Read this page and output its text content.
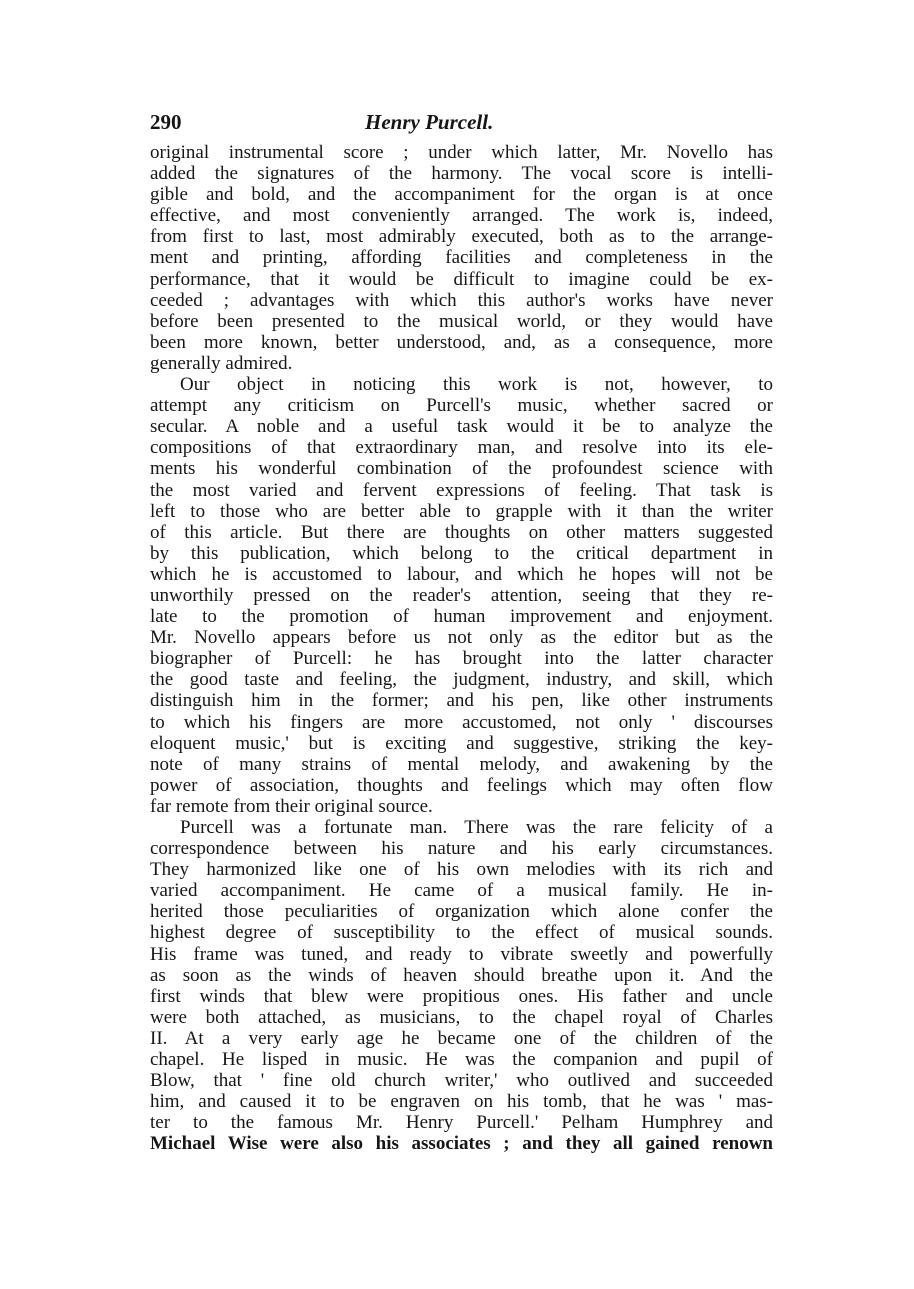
290	Henry Purcell.
original instrumental score ; under which latter, Mr. Novello has
added the signatures of the harmony. The vocal score is intelli-
gible and bold, and the accompaniment for the organ is at once
effective, and most conveniently arranged. The work is, indeed,
from first to last, most admirably executed, both as to the arrange-
ment and printing, affording facilities and completeness in the
performance, that it would be difficult to imagine could be ex-
ceeded ; advantages with which this author's works have never
before been presented to the musical world, or they would have
been more known, better understood, and, as a consequence, more
generally admired.
Our object in noticing this work is not, however, to
attempt any criticism on Purcell's music, whether sacred or
secular. A noble and a useful task would it be to analyze the
compositions of that extraordinary man, and resolve into its ele-
ments his wonderful combination of the profoundest science with
the most varied and fervent expressions of feeling. That task is
left to those who are better able to grapple with it than the writer
of this article. But there are thoughts on other matters suggested
by this publication, which belong to the critical department in
which he is accustomed to labour, and which he hopes will not be
unworthily pressed on the reader's attention, seeing that they re-
late to the promotion of human improvement and enjoyment.
Mr. Novello appears before us not only as the editor but as the
biographer of Purcell: he has brought into the latter character
the good taste and feeling, the judgment, industry, and skill, which
distinguish him in the former; and his pen, like other instruments
to which his fingers are more accustomed, not only ' discourses
eloquent music,' but is exciting and suggestive, striking the key-
note of many strains of mental melody, and awakening by the
power of association, thoughts and feelings which may often flow
far remote from their original source.
Purcell was a fortunate man. There was the rare felicity of a
correspondence between his nature and his early circumstances.
They harmonized like one of his own melodies with its rich and
varied accompaniment. He came of a musical family. He in-
herited those peculiarities of organization which alone confer the
highest degree of susceptibility to the effect of musical sounds.
His frame was tuned, and ready to vibrate sweetly and powerfully
as soon as the winds of heaven should breathe upon it. And the
first winds that blew were propitious ones. His father and uncle
were both attached, as musicians, to the chapel royal of Charles
II. At a very early age he became one of the children of the
chapel. He lisped in music. He was the companion and pupil of
Blow, that ' fine old church writer,' who outlived and succeeded
him, and caused it to be engraven on his tomb, that he was ' mas-
ter to the famous Mr. Henry Purcell.' Pelham Humphrey and
Michael Wise were also his associates ; and they all gained renown
